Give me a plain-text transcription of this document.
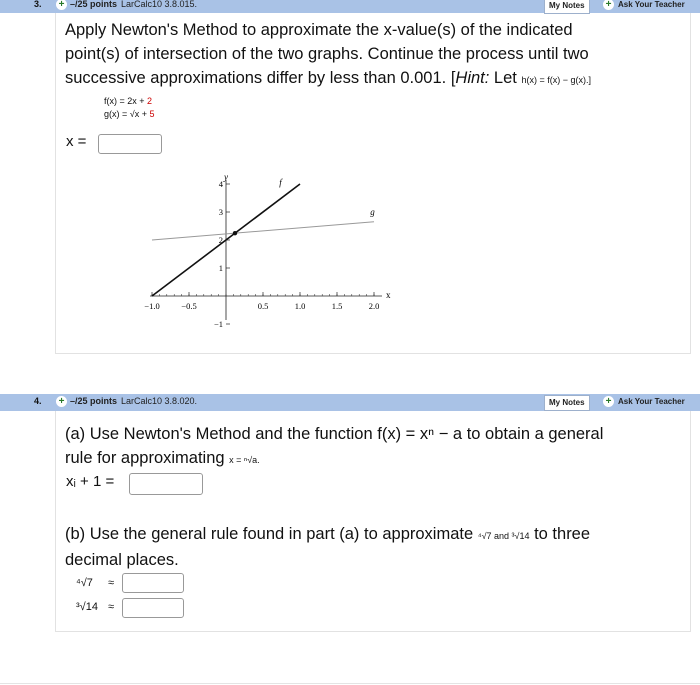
3. + –/25 points LarCalc10 3.8.015.	My Notes	+ Ask Your Teacher
Apply Newton's Method to approximate the x-value(s) of the indicated
point(s) of intersection of the two graphs. Continue the process until two
successive approximations differ by less than 0.001. [Hint: Let h(x) = f(x) − g(x).]
f(x) = 2x + 2
g(x) = √x + 5
x =
−1.0	−0.5	0.5	1.0	1.5	2.0
4
3
2
1
−1
y
x
f
g
4. + –/25 points LarCalc10 3.8.020.	My Notes	+ Ask Your Teacher
(a) Use Newton's Method and the function f(x) = xⁿ − a to obtain a general
rule for approximating x = ⁿ√a.
xᵢ + 1 =
(b) Use the general rule found in part (a) to approximate ⁴√7 and ³√14 to three
decimal places.
⁴√7 ≈
³√14 ≈
